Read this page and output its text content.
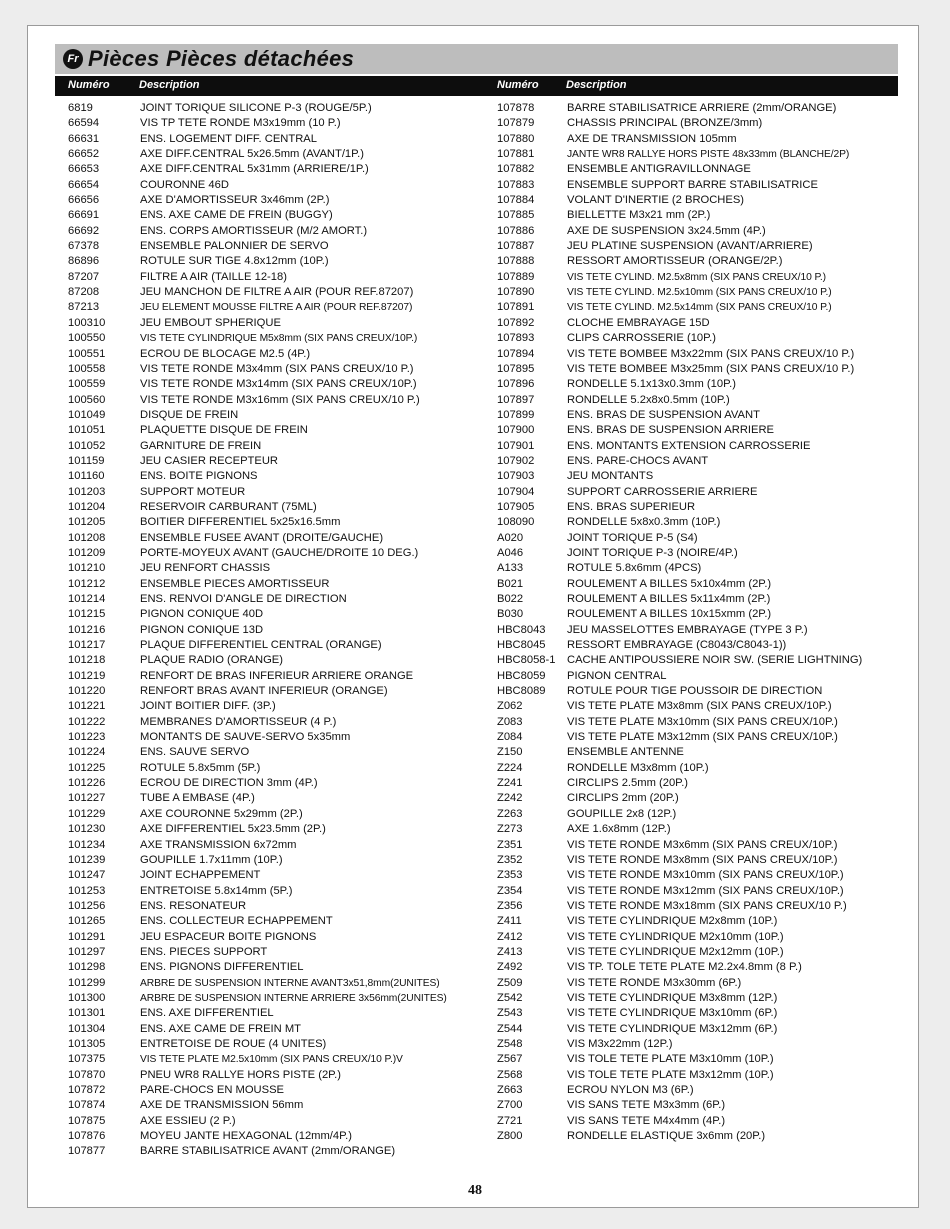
Fr Pièces Pièces détachées
Numéro	Description	Numéro Description
6819	JOINT TORIQUE SILICONE P-3 (ROUGE/5P.)
66594	VIS TP TETE RONDE M3x19mm (10 P.)
66631	ENS. LOGEMENT DIFF. CENTRAL
66652	AXE DIFF.CENTRAL 5x26.5mm (AVANT/1P.)
66653	AXE DIFF.CENTRAL 5x31mm (ARRIERE/1P.)
66654	COURONNE 46D
66656	AXE D'AMORTISSEUR 3x46mm (2P.)
66691	ENS. AXE CAME DE FREIN (BUGGY)
66692	ENS. CORPS AMORTISSEUR (M/2 AMORT.)
67378	ENSEMBLE PALONNIER DE SERVO
86896	ROTULE SUR TIGE 4.8x12mm (10P.)
87207	FILTRE A AIR (TAILLE 12-18)
87208	JEU MANCHON DE FILTRE A AIR (POUR REF.87207)
87213	JEU ELEMENT MOUSSE FILTRE A AIR (POUR REF.87207)
100310	JEU EMBOUT SPHERIQUE
100550	VIS TETE CYLINDRIQUE M5x8mm (SIX PANS CREUX/10P.)
100551	ECROU DE BLOCAGE M2.5 (4P.)
100558	VIS TETE RONDE M3x4mm (SIX PANS CREUX/10 P.)
100559	VIS TETE RONDE M3x14mm (SIX PANS CREUX/10P.)
100560	VIS TETE RONDE M3x16mm (SIX PANS CREUX/10 P.)
101049	DISQUE DE FREIN
101051	PLAQUETTE DISQUE DE FREIN
101052	GARNITURE DE FREIN
101159	JEU CASIER RECEPTEUR
101160	ENS. BOITE PIGNONS
101203	SUPPORT MOTEUR
101204	RESERVOIR CARBURANT (75ML)
101205	BOITIER DIFFERENTIEL 5x25x16.5mm
101208	ENSEMBLE FUSEE AVANT (DROITE/GAUCHE)
101209	PORTE-MOYEUX AVANT (GAUCHE/DROITE 10 DEG.)
101210	JEU RENFORT CHASSIS
101212	ENSEMBLE PIECES AMORTISSEUR
101214	ENS. RENVOI D'ANGLE DE DIRECTION
101215	PIGNON CONIQUE 40D
101216	PIGNON CONIQUE 13D
101217	PLAQUE DIFFERENTIEL CENTRAL (ORANGE)
101218	PLAQUE RADIO (ORANGE)
101219	RENFORT DE BRAS INFERIEUR ARRIERE ORANGE
101220	RENFORT BRAS AVANT INFERIEUR (ORANGE)
101221	JOINT BOITIER DIFF. (3P.)
101222	MEMBRANES D'AMORTISSEUR (4 P.)
101223	MONTANTS DE SAUVE-SERVO 5x35mm
101224	ENS. SAUVE SERVO
101225	ROTULE 5.8x5mm (5P.)
101226	ECROU DE DIRECTION 3mm (4P.)
101227	TUBE A EMBASE (4P.)
101229	AXE COURONNE 5x29mm (2P.)
101230	AXE DIFFERENTIEL 5x23.5mm (2P.)
101234	AXE TRANSMISSION 6x72mm
101239	GOUPILLE 1.7x11mm (10P.)
101247	JOINT ECHAPPEMENT
101253	ENTRETOISE 5.8x14mm (5P.)
101256	ENS. RESONATEUR
101265	ENS. COLLECTEUR ECHAPPEMENT
101291	JEU ESPACEUR BOITE PIGNONS
101297	ENS. PIECES SUPPORT
101298	ENS. PIGNONS DIFFERENTIEL
101299	ARBRE DE SUSPENSION INTERNE AVANT3x51,8mm(2UNITES)
101300	ARBRE DE SUSPENSION INTERNE ARRIERE 3x56mm(2UNITES)
101301	ENS. AXE DIFFERENTIEL
101304	ENS. AXE CAME DE FREIN MT
101305	ENTRETOISE DE ROUE (4 UNITES)
107375	VIS TETE PLATE M2.5x10mm (SIX PANS CREUX/10 P.)V
107870	PNEU WR8 RALLYE HORS PISTE (2P.)
107872	PARE-CHOCS EN MOUSSE
107874	AXE DE TRANSMISSION 56mm
107875	AXE ESSIEU (2 P.)
107876	MOYEU JANTE HEXAGONAL (12mm/4P.)
107877	BARRE STABILISATRICE AVANT (2mm/ORANGE)
107878	BARRE STABILISATRICE ARRIERE (2mm/ORANGE)
107879	CHASSIS PRINCIPAL (BRONZE/3mm)
107880	AXE DE TRANSMISSION 105mm
107881	JANTE WR8 RALLYE HORS PISTE 48x33mm (BLANCHE/2P)
107882	ENSEMBLE ANTIGRAVILLONNAGE
107883	ENSEMBLE SUPPORT BARRE STABILISATRICE
107884	VOLANT D'INERTIE (2 BROCHES)
107885	BIELLETTE M3x21 mm (2P.)
107886	AXE DE SUSPENSION 3x24.5mm (4P.)
107887	JEU PLATINE SUSPENSION (AVANT/ARRIERE)
107888	RESSORT AMORTISSEUR (ORANGE/2P.)
107889	VIS TETE CYLIND. M2.5x8mm (SIX PANS CREUX/10 P.)
107890	VIS TETE CYLIND. M2.5x10mm (SIX PANS CREUX/10 P.)
107891	VIS TETE CYLIND. M2.5x14mm (SIX PANS CREUX/10 P.)
107892	CLOCHE EMBRAYAGE 15D
107893	CLIPS CARROSSERIE (10P.)
107894	VIS TETE BOMBEE M3x22mm (SIX PANS CREUX/10 P.)
107895	VIS TETE BOMBEE M3x25mm (SIX PANS CREUX/10 P.)
107896	RONDELLE 5.1x13x0.3mm (10P.)
107897	RONDELLE 5.2x8x0.5mm (10P.)
107899	ENS. BRAS DE SUSPENSION AVANT
107900	ENS. BRAS DE SUSPENSION ARRIERE
107901	ENS. MONTANTS EXTENSION CARROSSERIE
107902	ENS. PARE-CHOCS AVANT
107903	JEU MONTANTS
107904	SUPPORT CARROSSERIE ARRIERE
107905	ENS. BRAS SUPERIEUR
108090	RONDELLE 5x8x0.3mm (10P.)
A020	JOINT TORIQUE P-5 (S4)
A046	JOINT TORIQUE P-3 (NOIRE/4P.)
A133	ROTULE 5.8x6mm (4PCS)
B021	ROULEMENT A BILLES 5x10x4mm (2P.)
B022	ROULEMENT A BILLES 5x11x4mm (2P.)
B030	ROULEMENT A BILLES 10x15xmm (2P.)
HBC8043 JEU MASSELOTTES EMBRAYAGE (TYPE 3 P.)
HBC8045 RESSORT EMBRAYAGE (C8043/C8043-1))
HBC8058-1 CACHE ANTIPOUSSIERE NOIR SW. (SERIE LIGHTNING)
HBC8059 PIGNON CENTRAL
HBC8089 ROTULE POUR TIGE POUSSOIR DE DIRECTION
Z062	VIS TETE PLATE M3x8mm (SIX PANS CREUX/10P.)
Z083	VIS TETE PLATE M3x10mm (SIX PANS CREUX/10P.)
Z084	VIS TETE PLATE M3x12mm (SIX PANS CREUX/10P.)
Z150	ENSEMBLE ANTENNE
Z224	RONDELLE M3x8mm (10P.)
Z241	CIRCLIPS 2.5mm (20P.)
Z242	CIRCLIPS 2mm (20P.)
Z263	GOUPILLE 2x8 (12P.)
Z273	AXE 1.6x8mm (12P.)
Z351	VIS TETE RONDE M3x6mm (SIX PANS CREUX/10P.)
Z352	VIS TETE RONDE M3x8mm (SIX PANS CREUX/10P.)
Z353	VIS TETE RONDE M3x10mm (SIX PANS CREUX/10P.)
Z354	VIS TETE RONDE M3x12mm (SIX PANS CREUX/10P.)
Z356	VIS TETE RONDE M3x18mm (SIX PANS CREUX/10 P.)
Z411	VIS TETE CYLINDRIQUE M2x8mm (10P.)
Z412	VIS TETE CYLINDRIQUE M2x10mm (10P.)
Z413	VIS TETE CYLINDRIQUE M2x12mm (10P.)
Z492	VIS TP. TOLE TETE PLATE M2.2x4.8mm (8 P.)
Z509	VIS TETE RONDE M3x30mm (6P.)
Z542	VIS TETE CYLINDRIQUE M3x8mm (12P.)
Z543	VIS TETE CYLINDRIQUE M3x10mm (6P.)
Z544	VIS TETE CYLINDRIQUE M3x12mm (6P.)
Z548	VIS M3x22mm (12P.)
Z567	VIS TOLE TETE PLATE M3x10mm (10P.)
Z568	VIS TOLE TETE PLATE M3x12mm (10P.)
Z663	ECROU NYLON M3 (6P.)
Z700	VIS SANS TETE M3x3mm (6P.)
Z721	VIS SANS TETE M4x4mm (4P.)
Z800	RONDELLE ELASTIQUE 3x6mm (20P.)
48
